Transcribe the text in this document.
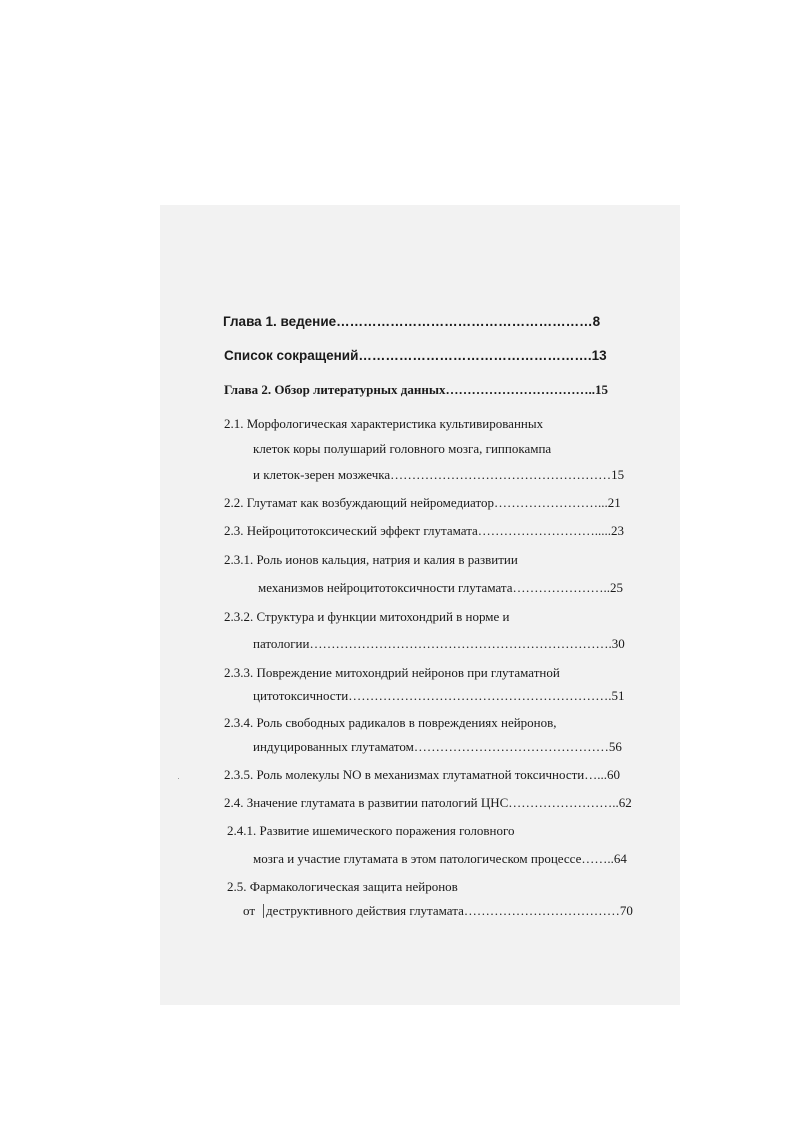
Глава 1. ведение…………………………………………………8
Список сокращений…………………………………………….13
Глава 2. Обзор литературных данных……………………………..15
2.1. Морфологическая характеристика культивированных
клеток коры полушарий головного мозга, гиппокампа
и клеток-зерен мозжечка……………………………………………15
2.2. Глутамат как возбуждающий нейромедиатор……………………...21
2.3. Нейроцитотоксический эффект глутамата……………………….....23
2.3.1. Роль ионов кальция, натрия и калия в развитии
механизмов нейроцитотоксичности глутамата…………………..25
2.3.2. Структура и функции митохондрий в норме и
патологии…………………………………………………………….30
2.3.3. Повреждение митохондрий нейронов при глутаматной
цитотоксичности…………………………………………………….51
2.3.4. Роль свободных радикалов в повреждениях нейронов,
индуцированных глутаматом………………………………………56
2.3.5. Роль молекулы NO в механизмах глутаматной токсичности…...60
2.4. Значение глутамата в развитии патологий ЦНС……………………..62
2.4.1. Развитие ишемического поражения головного
мозга и участие глутамата в этом патологическом процессе……..64
2.5. Фармакологическая защита нейронов
от деструктивного действия глутамата………………………………70
